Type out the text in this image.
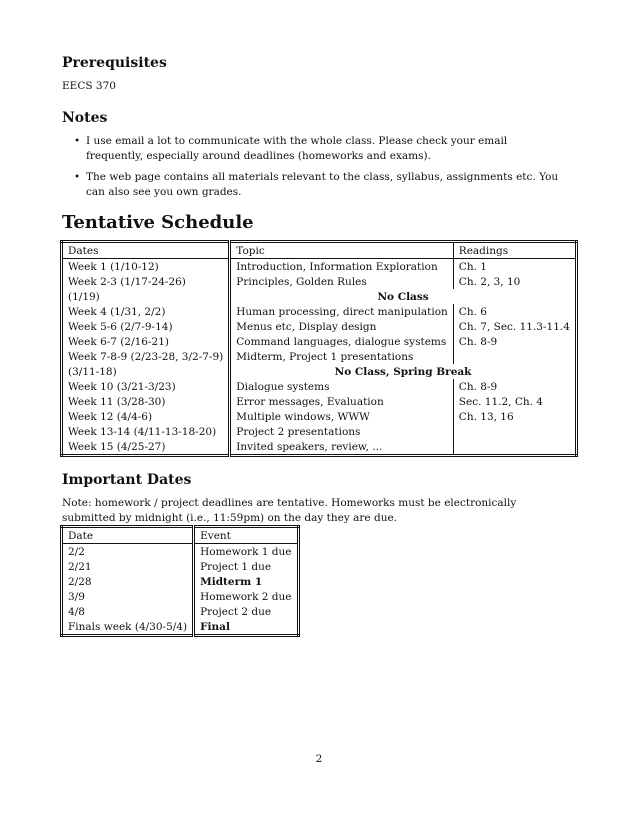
Prerequisites

EECS 370

Notes
• I use email a lot to communicate with the whole class. Please check your email frequently, especially around deadlines (homeworks and exams).
• The web page contains all materials relevant to the class, syllabus, assignments etc. You can also see you own grades.
Tentative Schedule
Dates	Topic	Readings
Week 1 (1/10-12)	Introduction, Information Exploration	Ch. 1
Week 2-3 (1/17-24-26)	Principles, Golden Rules	Ch. 2, 3, 10
(1/19)	No Class	
Week 4 (1/31, 2/2)	Human processing, direct manipulation	Ch. 6
Week 5-6 (2/7-9-14)	Menus etc, Display design	Ch. 7, Sec. 11.3-11.4
Week 6-7 (2/16-21)	Command languages, dialogue systems	Ch. 8-9
Week 7-8-9 (2/23-28, 3/2-7-9)	Midterm, Project 1 presentations	
(3/11-18)	No Class, Spring Break	
Week 10 (3/21-3/23)	Dialogue systems	Ch. 8-9
Week 11 (3/28-30)	Error messages, Evaluation	Sec. 11.2, Ch. 4
Week 12 (4/4-6)	Multiple windows, WWW	Ch. 13, 16
Week 13-14 (4/11-13-18-20)	Project 2 presentations	
Week 15 (4/25-27)	Invited speakers, review, ...	
Important Dates

Note: homework / project deadlines are tentative. Homeworks must be electronically submitted by midnight (i.e., 11:59pm) on the day they are due.

Date	Event
2/2	Homework 1 due
2/21	Project 1 due
2/28	Midterm 1
3/9	Homework 2 due
4/8	Project 2 due
Finals week (4/30-5/4)	Final
2
